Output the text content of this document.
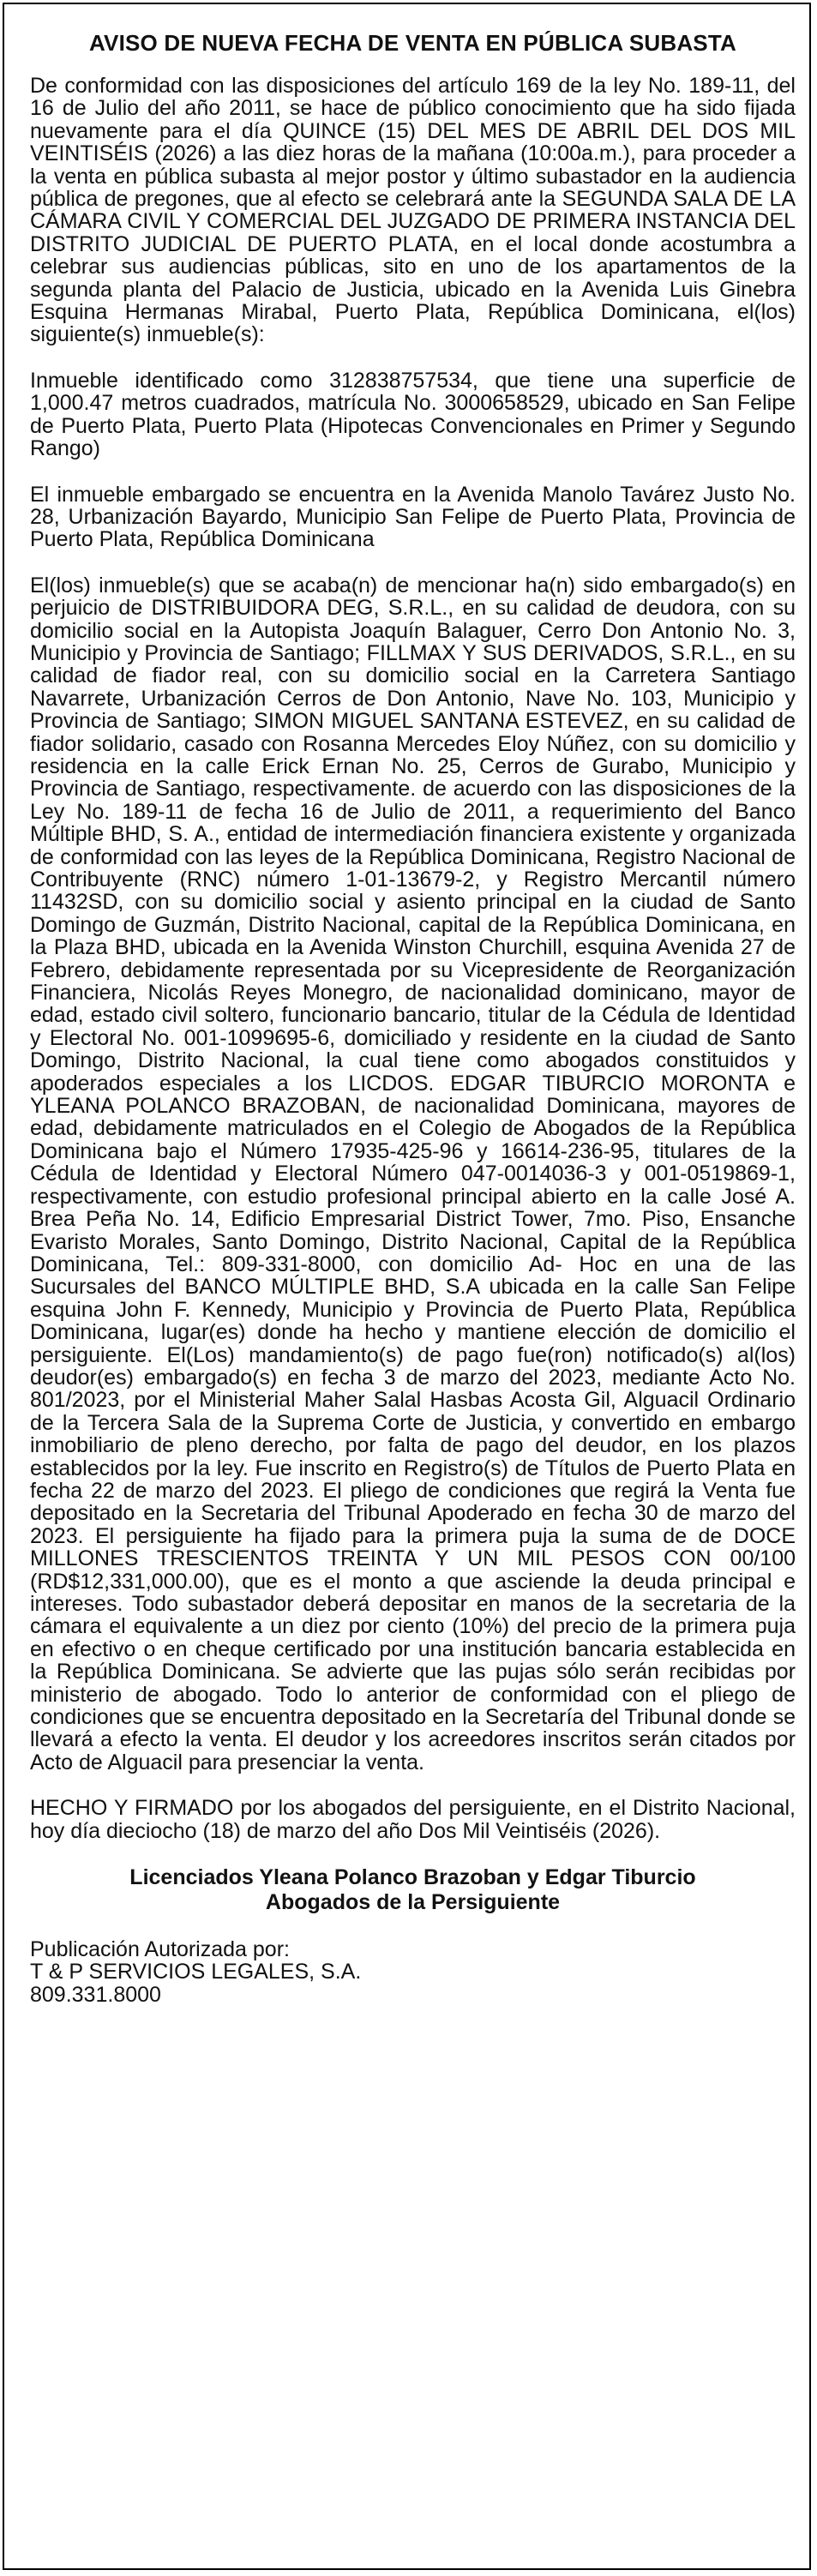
AVISO DE NUEVA FECHA DE VENTA EN PÚBLICA SUBASTA

De conformidad con las disposiciones del artículo 169 de la ley No. 189-11, del 16 de Julio del año 2011, se hace de público conocimiento que ha sido fijada nuevamente para el día QUINCE (15) DEL MES DE ABRIL DEL DOS MIL VEINTISÉIS (2026) a las diez horas de la mañana (10:00a.m.), para proceder a la venta en pública subasta al mejor postor y último subastador en la audiencia pública de pregones, que al efecto se celebrará ante la SEGUNDA SALA DE LA CÁMARA CIVIL Y COMERCIAL DEL JUZGADO DE PRIMERA INSTANCIA DEL DISTRITO JUDICIAL DE PUERTO PLATA, en el local donde acostumbra a celebrar sus audiencias públicas, sito en uno de los apartamentos de la segunda planta del Palacio de Justicia, ubicado en la Avenida Luis Ginebra Esquina Hermanas Mirabal, Puerto Plata, República Dominicana, el(los) siguiente(s) inmueble(s):

Inmueble identificado como 312838757534, que tiene una superficie de 1,000.47 metros cuadrados, matrícula No. 3000658529, ubicado en San Felipe de Puerto Plata, Puerto Plata (Hipotecas Convencionales en Primer y Segundo Rango)

El inmueble embargado se encuentra en la Avenida Manolo Tavárez Justo No. 28, Urbanización Bayardo, Municipio San Felipe de Puerto Plata, Provincia de Puerto Plata, República Dominicana

El(los) inmueble(s) que se acaba(n) de mencionar ha(n) sido embargado(s) en perjuicio de DISTRIBUIDORA DEG, S.R.L., en su calidad de deudora, con su domicilio social en la Autopista Joaquín Balaguer, Cerro Don Antonio No. 3, Municipio y Provincia de Santiago; FILLMAX Y SUS DERIVADOS, S.R.L., en su calidad de fiador real, con su domicilio social en la Carretera Santiago Navarrete, Urbanización Cerros de Don Antonio, Nave No. 103, Municipio y Provincia de Santiago; SIMON MIGUEL SANTANA ESTEVEZ, en su calidad de fiador solidario, casado con Rosanna Mercedes Eloy Núñez, con su domicilio y residencia en la calle Erick Ernan No. 25, Cerros de Gurabo, Municipio y Provincia de Santiago, respectivamente. de acuerdo con las disposiciones de la Ley No. 189-11 de fecha 16 de Julio de 2011, a requerimiento del Banco Múltiple BHD, S. A., entidad de intermediación financiera existente y organizada de conformidad con las leyes de la República Dominicana, Registro Nacional de Contribuyente (RNC) número 1-01-13679-2, y Registro Mercantil número 11432SD, con su domicilio social y asiento principal en la ciudad de Santo Domingo de Guzmán, Distrito Nacional, capital de la República Dominicana, en la Plaza BHD, ubicada en la Avenida Winston Churchill, esquina Avenida 27 de Febrero, debidamente representada por su Vicepresidente de Reorganización Financiera, Nicolás Reyes Monegro, de nacionalidad dominicano, mayor de edad, estado civil soltero, funcionario bancario, titular de la Cédula de Identidad y Electoral No. 001-1099695-6, domiciliado y residente en la ciudad de Santo Domingo, Distrito Nacional, la cual tiene como abogados constituidos y apoderados especiales a los LICDOS. EDGAR TIBURCIO MORONTA e YLEANA POLANCO BRAZOBAN, de nacionalidad Dominicana, mayores de edad, debidamente matriculados en el Colegio de Abogados de la República Dominicana bajo el Número 17935-425-96 y 16614-236-95, titulares de la Cédula de Identidad y Electoral Número 047-0014036-3 y 001-0519869-1, respectivamente, con estudio profesional principal abierto en la calle José A. Brea Peña No. 14, Edificio Empresarial District Tower, 7mo. Piso, Ensanche Evaristo Morales, Santo Domingo, Distrito Nacional, Capital de la República Dominicana, Tel.: 809-331-8000, con domicilio Ad- Hoc en una de las Sucursales del BANCO MÚLTIPLE BHD, S.A ubicada en la calle San Felipe esquina John F. Kennedy, Municipio y Provincia de Puerto Plata, República Dominicana, lugar(es) donde ha hecho y mantiene elección de domicilio el persiguiente. El(Los) mandamiento(s) de pago fue(ron) notificado(s) al(los) deudor(es) embargado(s) en fecha 3 de marzo del 2023, mediante Acto No. 801/2023, por el Ministerial Maher Salal Hasbas Acosta Gil, Alguacil Ordinario de la Tercera Sala de la Suprema Corte de Justicia, y convertido en embargo inmobiliario de pleno derecho, por falta de pago del deudor, en los plazos establecidos por la ley. Fue inscrito en Registro(s) de Títulos de Puerto Plata en fecha 22 de marzo del 2023. El pliego de condiciones que regirá la Venta fue depositado en la Secretaria del Tribunal Apoderado en fecha 30 de marzo del 2023. El persiguiente ha fijado para la primera puja la suma de de DOCE MILLONES TRESCIENTOS TREINTA Y UN MIL PESOS CON 00/100 (RD$12,331,000.00), que es el monto a que asciende la deuda principal e intereses. Todo subastador deberá depositar en manos de la secretaria de la cámara el equivalente a un diez por ciento (10%) del precio de la primera puja en efectivo o en cheque certificado por una institución bancaria establecida en la República Dominicana. Se advierte que las pujas sólo serán recibidas por ministerio de abogado. Todo lo anterior de conformidad con el pliego de condiciones que se encuentra depositado en la Secretaría del Tribunal donde se llevará a efecto la venta. El deudor y los acreedores inscritos serán citados por Acto de Alguacil para presenciar la venta.

HECHO Y FIRMADO por los abogados del persiguiente, en el Distrito Nacional, hoy día dieciocho (18) de marzo del año Dos Mil Veintiséis (2026).

Licenciados Yleana Polanco Brazoban y Edgar Tiburcio
Abogados de la Persiguiente

Publicación Autorizada por:

T & P SERVICIOS LEGALES, S.A.

809.331.8000
